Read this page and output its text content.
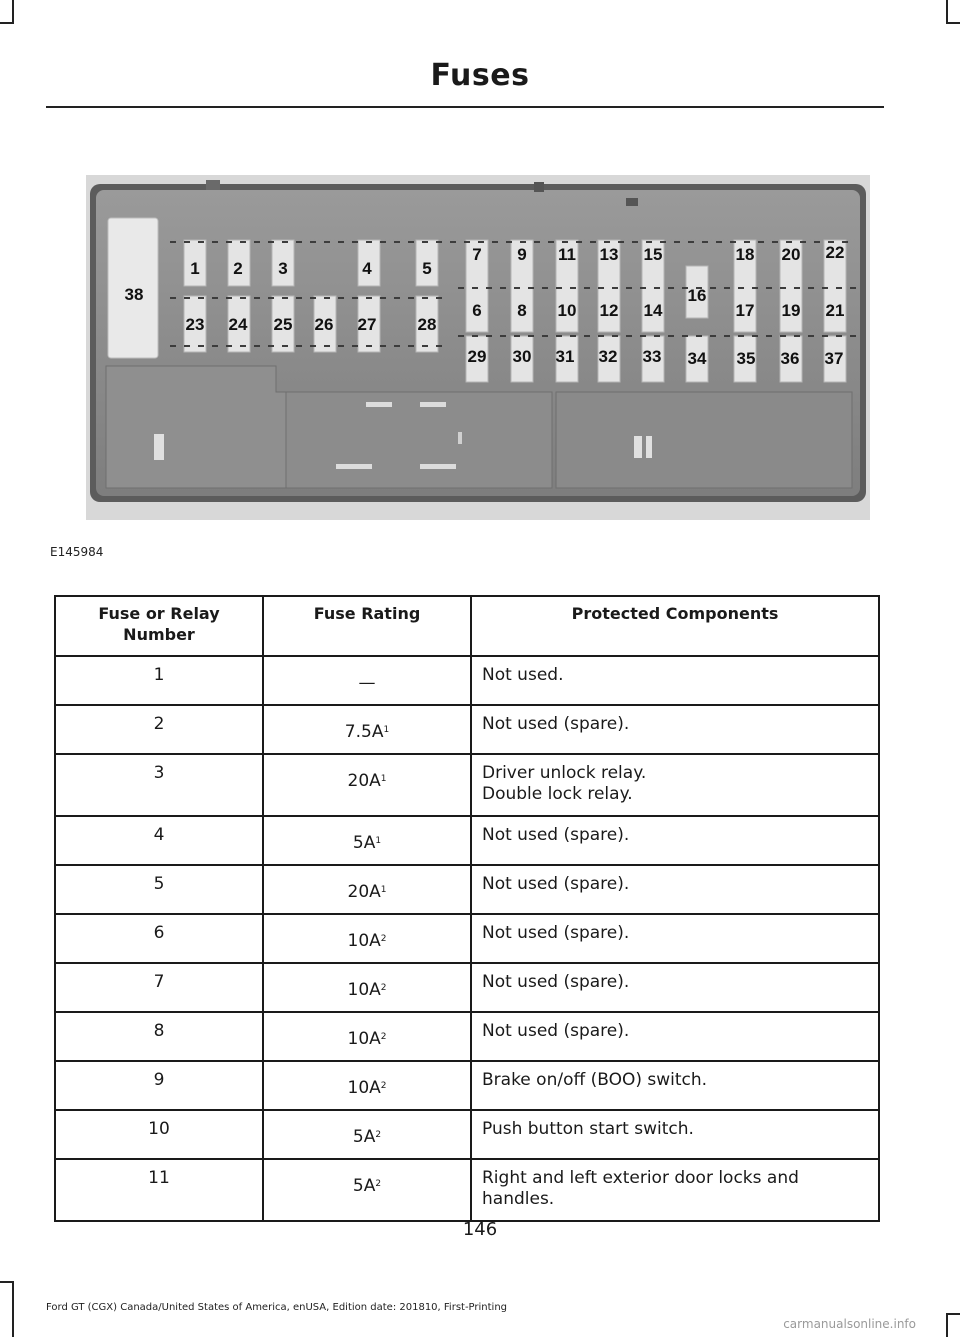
Fuses
1 2 3	4	5
6
7
8
9
10
11
12
13
14
15
16
17
18
19
20
21
22
23 24 25 26 27 28
29 30 31 32 33 34 35 36 37
38
E145984
Fuse or Relay Number	Fuse Rating	Protected Components
1	—	Not used.

2	$7.5A^1$	Not used (spare).

3	$20A^1$	Driver unlock relay.
Double lock relay.

4	$5A^1$	Not used (spare).

5	$20A^1$	Not used (spare).

6	$10A^2$	Not used (spare).

7	$10A^2$	Not used (spare).

8	$10A^2$	Not used (spare).

9	$10A^2$	Brake on/off (BOO) switch.

10	$5A^2$	Push button start switch.

11	$5A^2$	Right and left exterior door locks and handles.
146
Ford GT (CGX) Canada/United States of America, enUSA, Edition date: 201810, First-Printing
carmanualsonline.info
